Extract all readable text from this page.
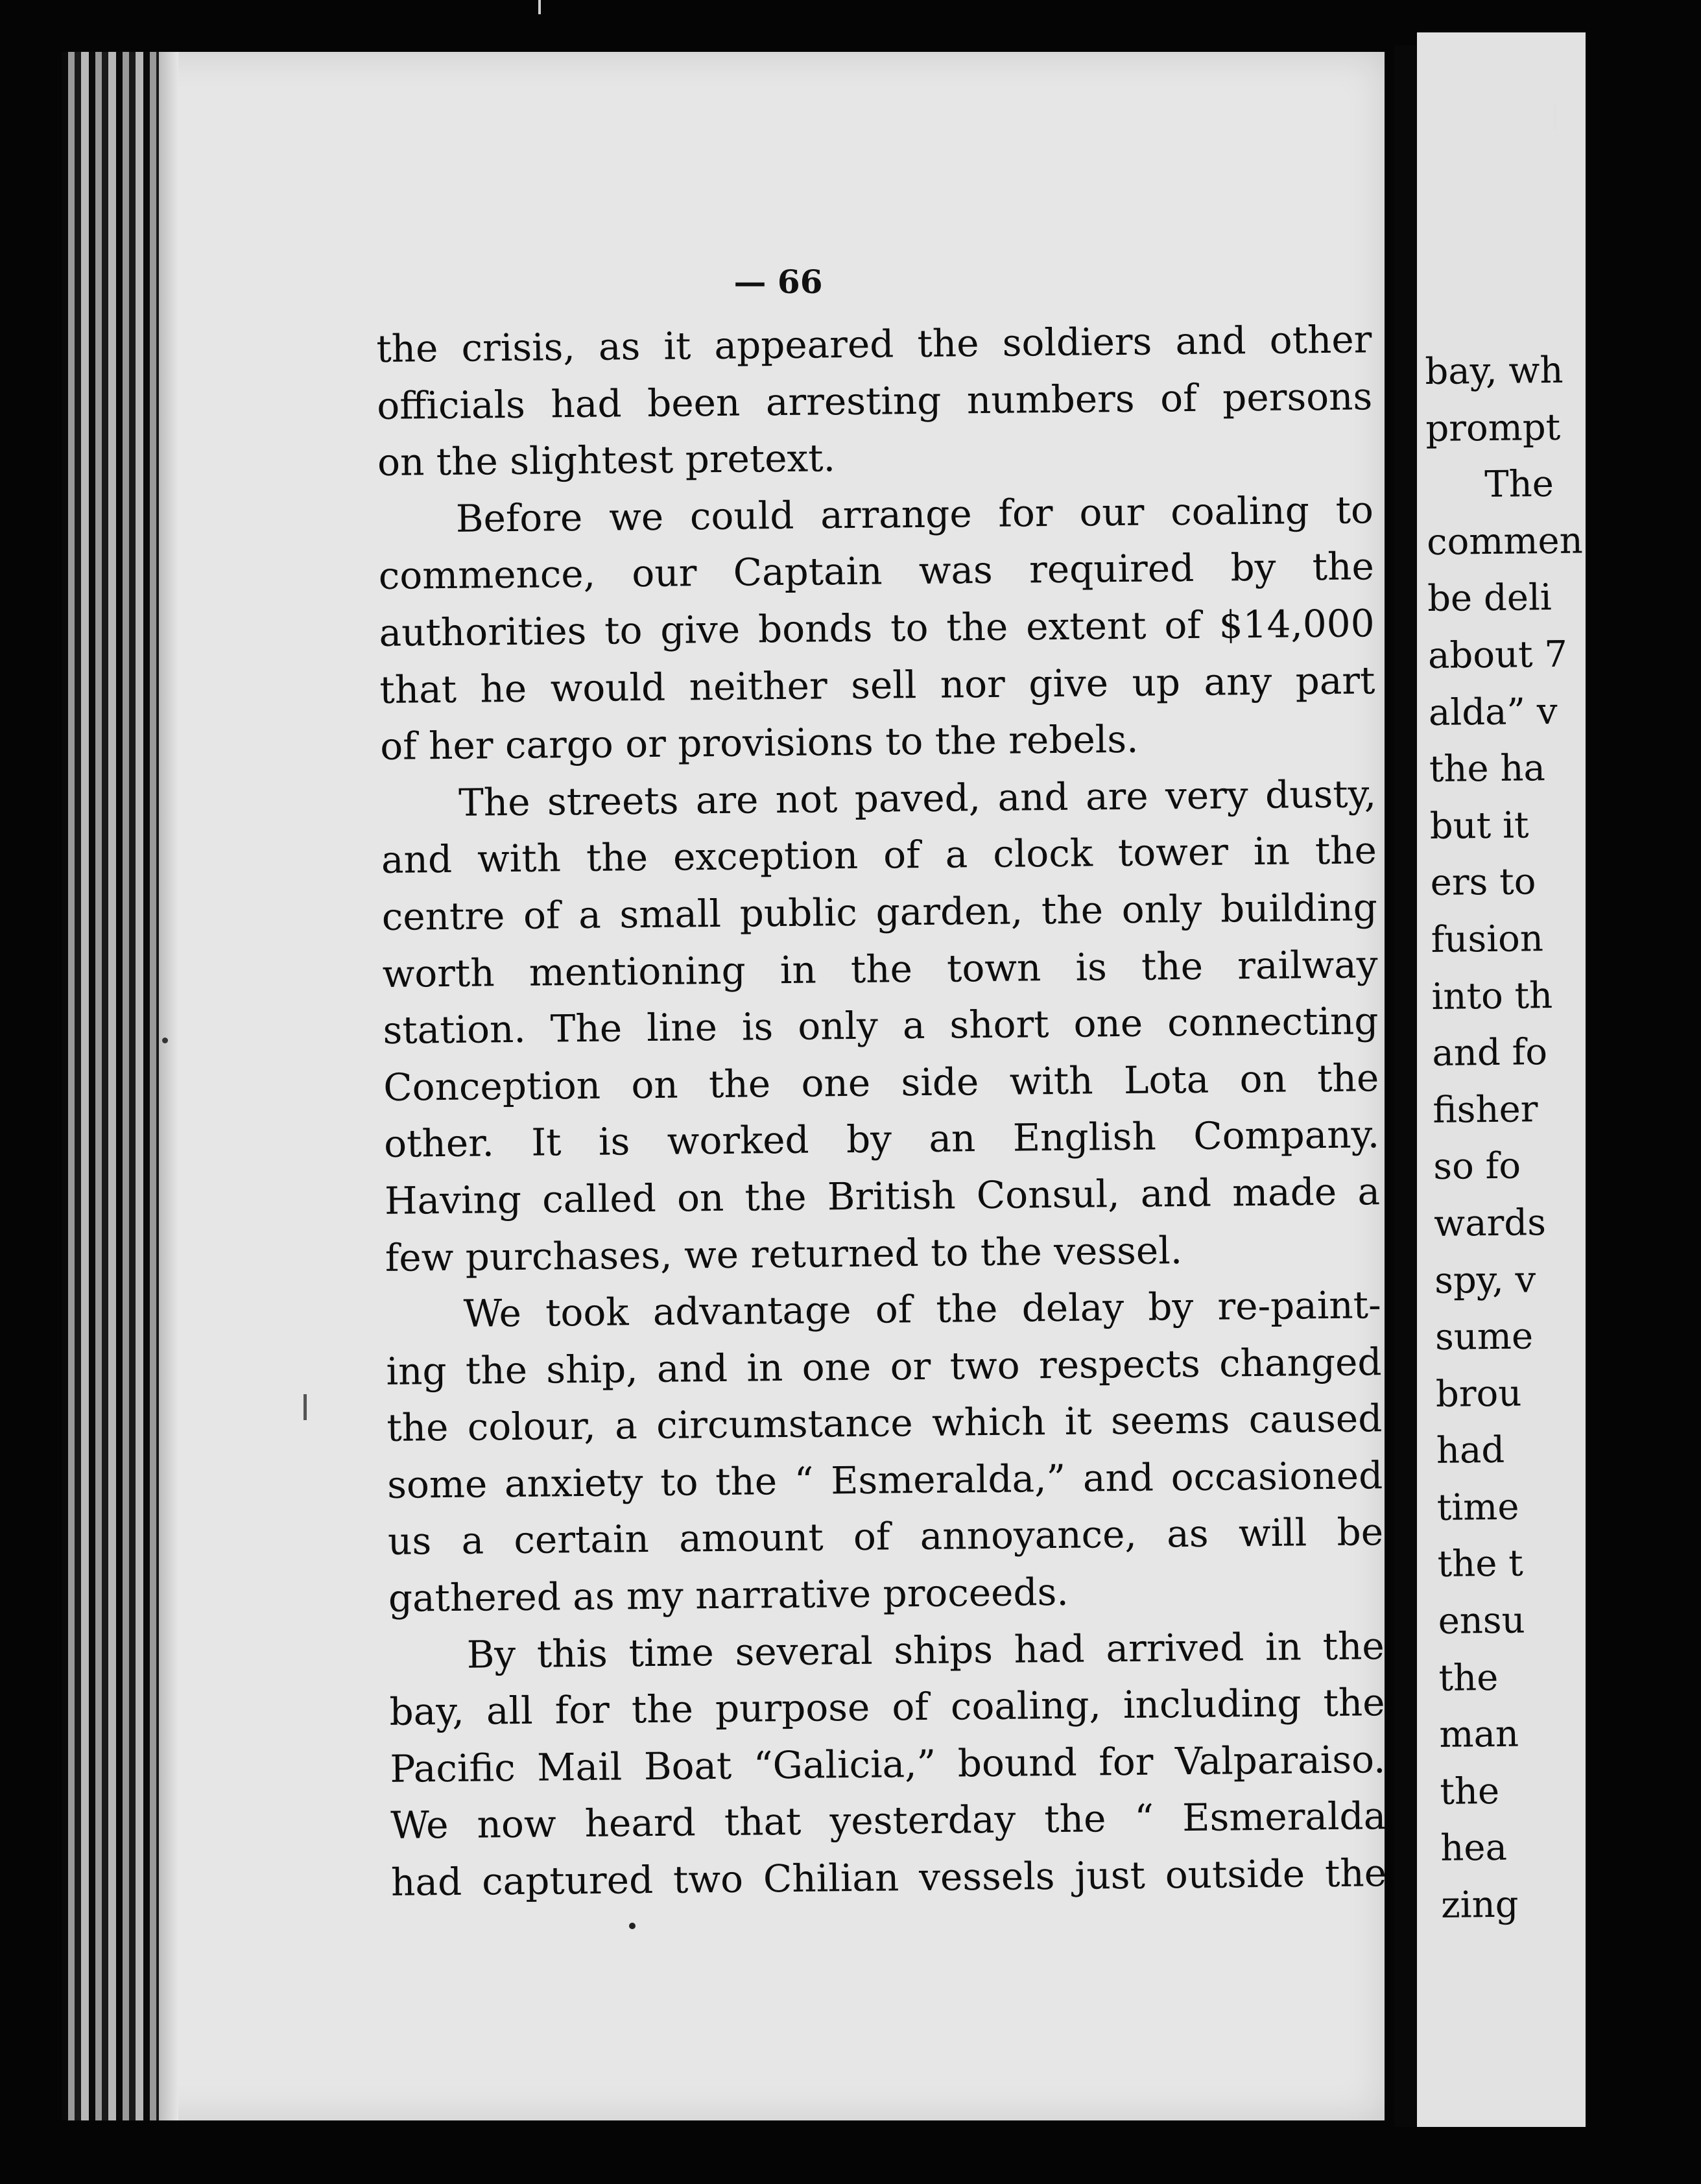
— 66
the crisis, as it appeared the soldiers and other
officials had been arresting numbers of persons
on the slightest pretext.
Before we could arrange for our coaling to
commence, our Captain was required by the
authorities to give bonds to the extent of $14,000
that he would neither sell nor give up any part
of her cargo or provisions to the rebels.
The streets are not paved, and are very dusty,
and with the exception of a clock tower in the
centre of a small public garden, the only building
worth mentioning in the town is the railway
station. The line is only a short one connecting
Conception on the one side with Lota on the
other. It is worked by an English Company.
Having called on the British Consul, and made a
few purchases, we returned to the vessel.
We took advantage of the delay by re-paint-
ing the ship, and in one or two respects changed
the colour, a circumstance which it seems caused
some anxiety to the “ Esmeralda,” and occasioned
us a certain amount of annoyance, as will be
gathered as my narrative proceeds.
By this time several ships had arrived in the
bay, all for the purpose of coaling, including the
Pacific Mail Boat “Galicia,” bound for Valparaiso.
We now heard that yesterday the “ Esmeralda
had captured two Chilian vessels just outside the
bay, wh
prompt
The
commen
be deli
about 7
alda” v
the ha
but it
ers to
fusion
into th
and fo
fisher
so fo
wards
spy, v
sume
brou
had
time
the t
ensu
the
man
the
hea
zing
